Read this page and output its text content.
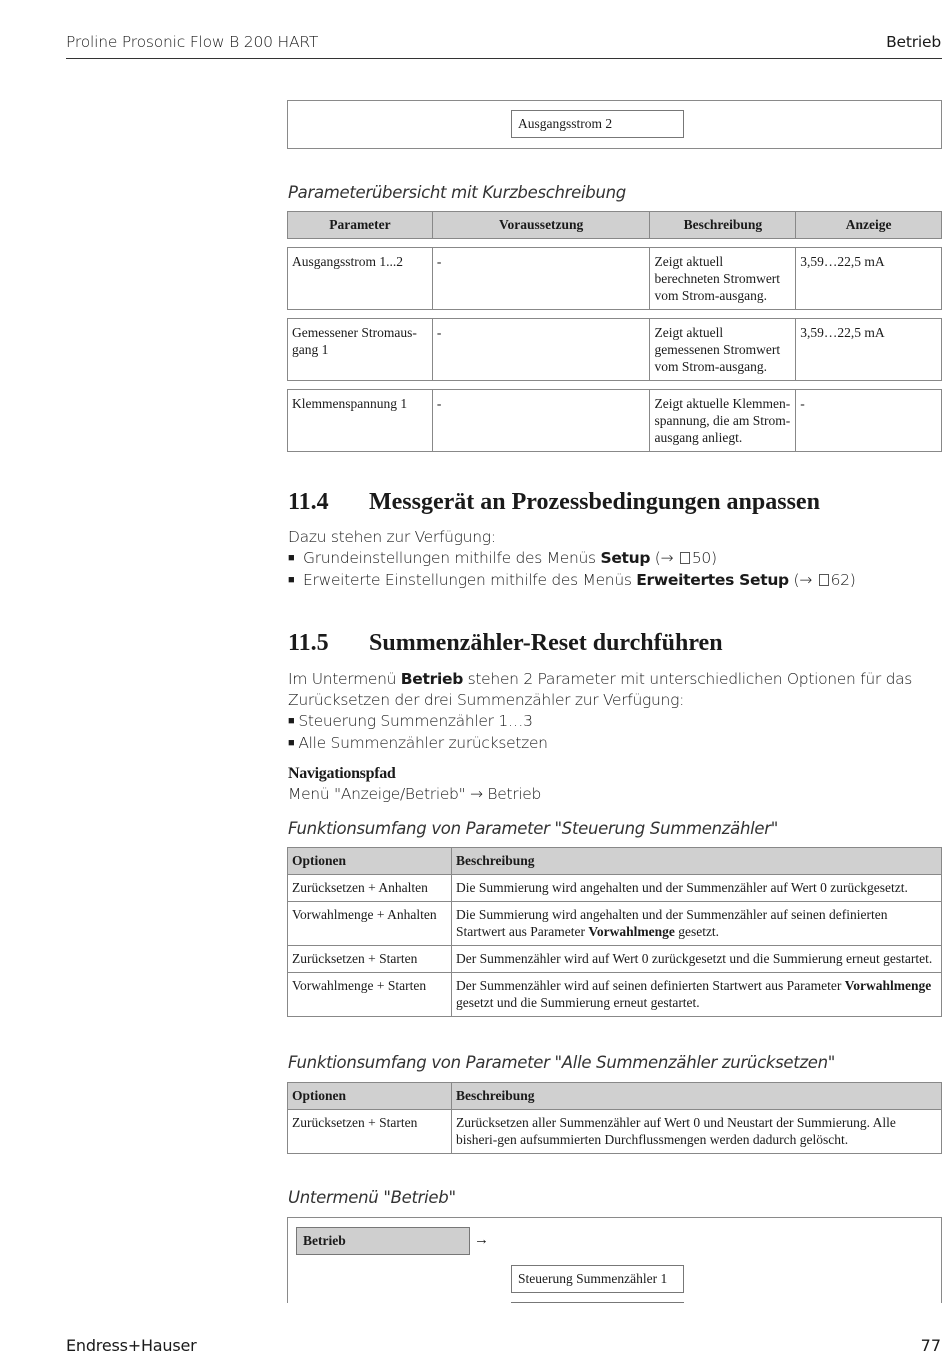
Proline Prosonic Flow B 200 HART	Betrieb
Ausgangsstrom 2
Parameterübersicht mit Kurzbeschreibung
Parameter	Voraussetzung	Beschreibung	Anzeige

Ausgangsstrom 1...2	-	Zeigt aktuell berechneten Stromwert vom Strom-ausgang.	3,59…22,5 mA

Gemessener Stromaus-gang 1	-	Zeigt aktuell gemessenen Stromwert vom Strom-ausgang.	3,59…22,5 mA

Klemmenspannung 1	-	Zeigt aktuelle Klemmen-spannung, die am Strom-ausgang anliegt.	-
11.4 Messgerät an Prozessbedingungen anpassen
Dazu stehen zur Verfügung:
■ Grundeinstellungen mithilfe des Menüs Setup (→ 50)
■ Erweiterte Einstellungen mithilfe des Menüs Erweitertes Setup (→ 62)
11.5 Summenzähler-Reset durchführen
Im Untermenü Betrieb stehen 2 Parameter mit unterschiedlichen Optionen für das Zurücksetzen der drei Summenzähler zur Verfügung:
■ Steuerung Summenzähler 1…3
■ Alle Summenzähler zurücksetzen
Navigationspfad
Menü "Anzeige/Betrieb" → Betrieb
Funktionsumfang von Parameter "Steuerung Summenzähler"
Optionen	Beschreibung
Zurücksetzen + Anhalten	Die Summierung wird angehalten und der Summenzähler auf Wert 0 zurückgesetzt.
Vorwahlmenge + Anhalten	Die Summierung wird angehalten und der Summenzähler auf seinen definierten Startwert aus Parameter Vorwahlmenge gesetzt.
Zurücksetzen + Starten	Der Summenzähler wird auf Wert 0 zurückgesetzt und die Summierung erneut gestartet.
Vorwahlmenge + Starten	Der Summenzähler wird auf seinen definierten Startwert aus Parameter Vorwahlmenge gesetzt und die Summierung erneut gestartet.
Funktionsumfang von Parameter "Alle Summenzähler zurücksetzen"
Optionen	Beschreibung
Zurücksetzen + Starten	Zurücksetzen aller Summenzähler auf Wert 0 und Neustart der Summierung. Alle bisheri-gen aufsummierten Durchflussmengen werden dadurch gelöscht.
Untermenü "Betrieb"
Betrieb	→
Steuerung Summenzähler 1
Endress+Hauser	77
